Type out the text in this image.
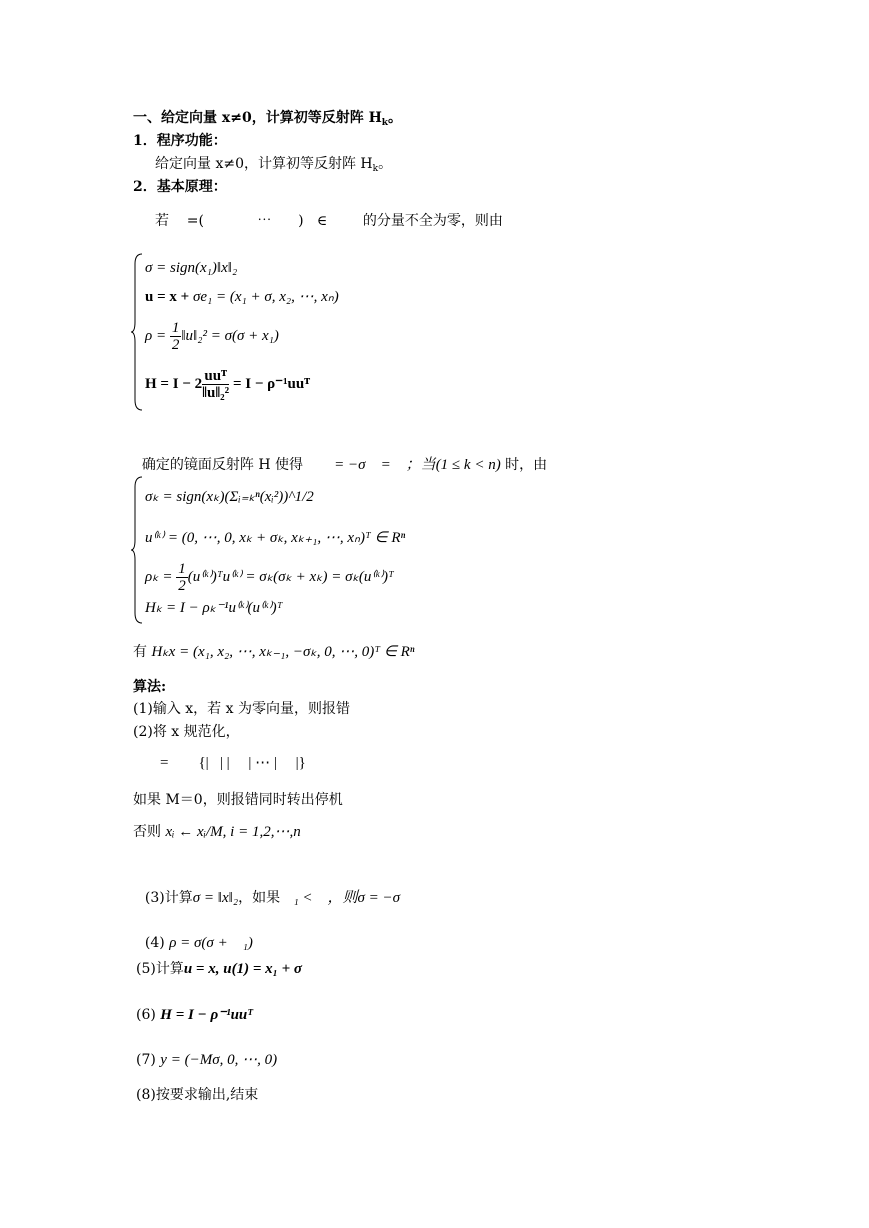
一、给定向量 x≠0，计算初等反射阵 $H_k$。
1．程序功能：
给定向量 x≠0，计算初等反射阵 $H_k$。
2．基本原理：
若    =(            ⋯      )   ∈        的分量不全为零，则由
σ = sign(x₁)‖x‖₂
u = x + σe₁ = (x₁ + σ, x₂, ⋯, xₙ)
$\rho = \frac{1}{2}$ ‖u‖₂² = σ(σ + x₁)
$H = I - 2 \frac{\text{uuᵀ}}{\text{‖u‖₂²}} = I$ − ρ⁻¹uuᵀ

确定的镜面反射阵 H 使得 = −σ    =    ；当(1 ≤ k < n) 时，由

σₖ = sign(xₖ)(Σᵢ₌ₖⁿ(xᵢ²))^1/2
u⁽ᵏ⁾ = (0, ⋯, 0, xₖ + σₖ, xₖ₊₁, ⋯, xₙ)ᵀ ∈ Rⁿ
$\rho_k = \frac{1}{2}$ (u⁽ᵏ⁾)ᵀu⁽ᵏ⁾ = σₖ(σₖ + xₖ) = σₖ(u⁽ᵏ⁾)ᵀ
Hₖ = I − ρₖ⁻¹u⁽ᵏ⁾(u⁽ᵏ⁾)ᵀ
有 Hₖx = (x₁, x₂, ⋯, xₖ₋₁, −σₖ, 0, ⋯, 0)ᵀ ∈ Rⁿ
算法:
(1)输入 x，若 x 为零向量，则报错
(2)将 x 规范化，
=        {|   | |     | ⋯ |     |}
如果 M＝0，则报错同时转出停机
否则 xᵢ ← xᵢ/M, i = 1,2,⋯,n

(3)计算σ = ‖x‖₂，如果 ₁ <    ，则σ = −σ

(4) ρ = σ(σ +    ₁)

(5)计算u = x, u(1) = x₁ + σ
(6) H = I − ρ⁻¹uuᵀ
(7) y = (−Mσ, 0, ⋯, 0)
(8)按要求输出,结束
